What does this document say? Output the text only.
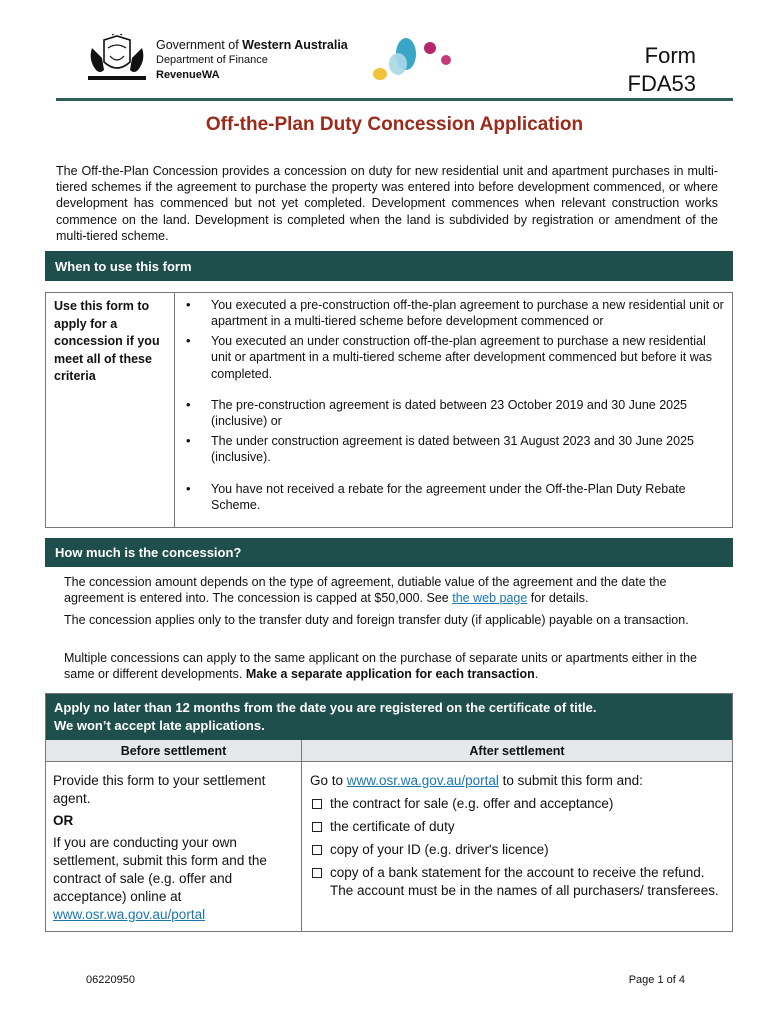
Government of Western Australia
Department of Finance
RevenueWA
Form
FDA53
Off-the-Plan Duty Concession Application
The Off-the-Plan Concession provides a concession on duty for new residential unit and apartment purchases in multi-tiered schemes if the agreement to purchase the property was entered into before development commenced, or where development has commenced but not yet completed. Development commences when relevant construction works commence on the land. Development is completed when the land is subdivided by registration or amendment of the multi-tiered scheme.
When to use this form
Use this form to apply for a concession if you meet all of these criteria
• You executed a pre-construction off-the-plan agreement to purchase a new residential unit or apartment in a multi-tiered scheme before development commenced or
• You executed an under construction off-the-plan agreement to purchase a new residential unit or apartment in a multi-tiered scheme after development commenced but before it was completed.
• The pre-construction agreement is dated between 23 October 2019 and 30 June 2025 (inclusive) or
• The under construction agreement is dated between 31 August 2023 and 30 June 2025 (inclusive).
• You have not received a rebate for the agreement under the Off-the-Plan Duty Rebate Scheme.
How much is the concession?
The concession amount depends on the type of agreement, dutiable value of the agreement and the date the agreement is entered into. The concession is capped at $50,000. See the web page for details.
The concession applies only to the transfer duty and foreign transfer duty (if applicable) payable on a transaction.
Multiple concessions can apply to the same applicant on the purchase of separate units or apartments either in the same or different developments. Make a separate application for each transaction.
Apply no later than 12 months from the date you are registered on the certificate of title.
We won’t accept late applications.
Before settlement	After settlement
Provide this form to your settlement agent.
OR
If you are conducting your own settlement, submit this form and the contract of sale (e.g. offer and acceptance) online at
www.osr.wa.gov.au/portal
Go to www.osr.wa.gov.au/portal to submit this form and:
the contract for sale (e.g. offer and acceptance)
the certificate of duty
copy of your ID (e.g. driver's licence)
copy of a bank statement for the account to receive the refund. The account must be in the names of all purchasers/ transferees.
06220950	Page 1 of 4
